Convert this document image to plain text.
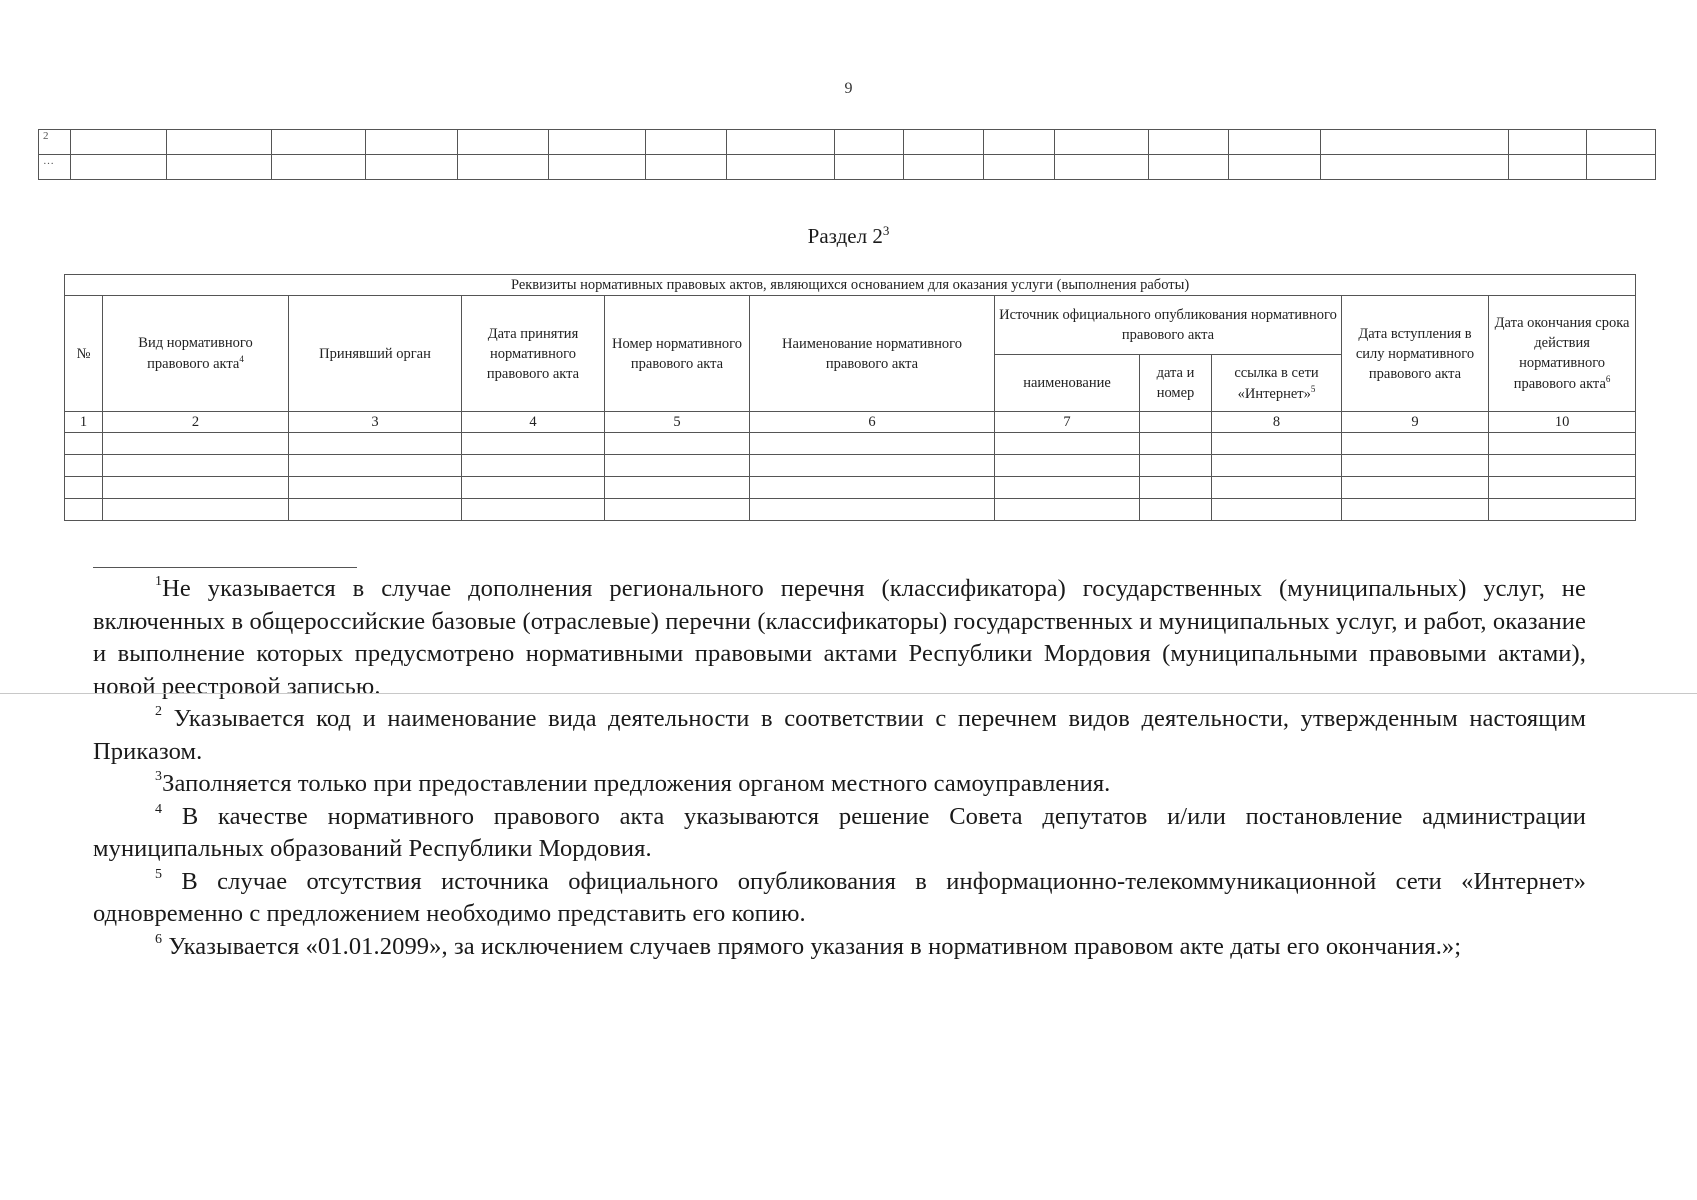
9
2																	
…																	
Раздел $2^3$
Реквизиты нормативных правовых актов, являющихся основанием для оказания услуги (выполнения работы)										
№	Вид нормативного правового акта$^4$	Принявший орган	Дата принятия нормативного правового акта	Номер нормативного правового акта	Наименование нормативного правового акта	Источник официального опубликования нормативного правового акта			Дата вступления в силу нормативного правового акта	Дата окончания срока действия нормативного правового акта$^6$
						наименование	дата и номер	ссылка в сети «Интернет»$^5$
1	2	3	4	5	6	7		8	9	10

$^1$Не указывается в случае дополнения регионального перечня (классификатора) государственных (муниципальных) услуг, не включенных в общероссийские базовые (отраслевые) перечни (классификаторы) государственных и муниципальных услуг, и работ, оказание и выполнение которых предусмотрено нормативными правовыми актами Республики Мордовия (муниципальными правовыми актами), новой реестровой записью.

$^2$ Указывается код и наименование вида деятельности в соответствии с перечнем видов деятельности, утвержденным настоящим Приказом.

$^3$Заполняется только при предоставлении предложения органом местного самоуправления.

$^4$ В качестве нормативного правового акта указываются решение Совета депутатов и/или постановление администрации муниципальных образований Республики Мордовия.

$^5$ В случае отсутствия источника официального опубликования в информационно-телекоммуникационной сети «Интернет» одновременно с предложением необходимо представить его копию.

$^6$ Указывается «01.01.2099», за исключением случаев прямого указания в нормативном правовом акте даты его окончания.»;
